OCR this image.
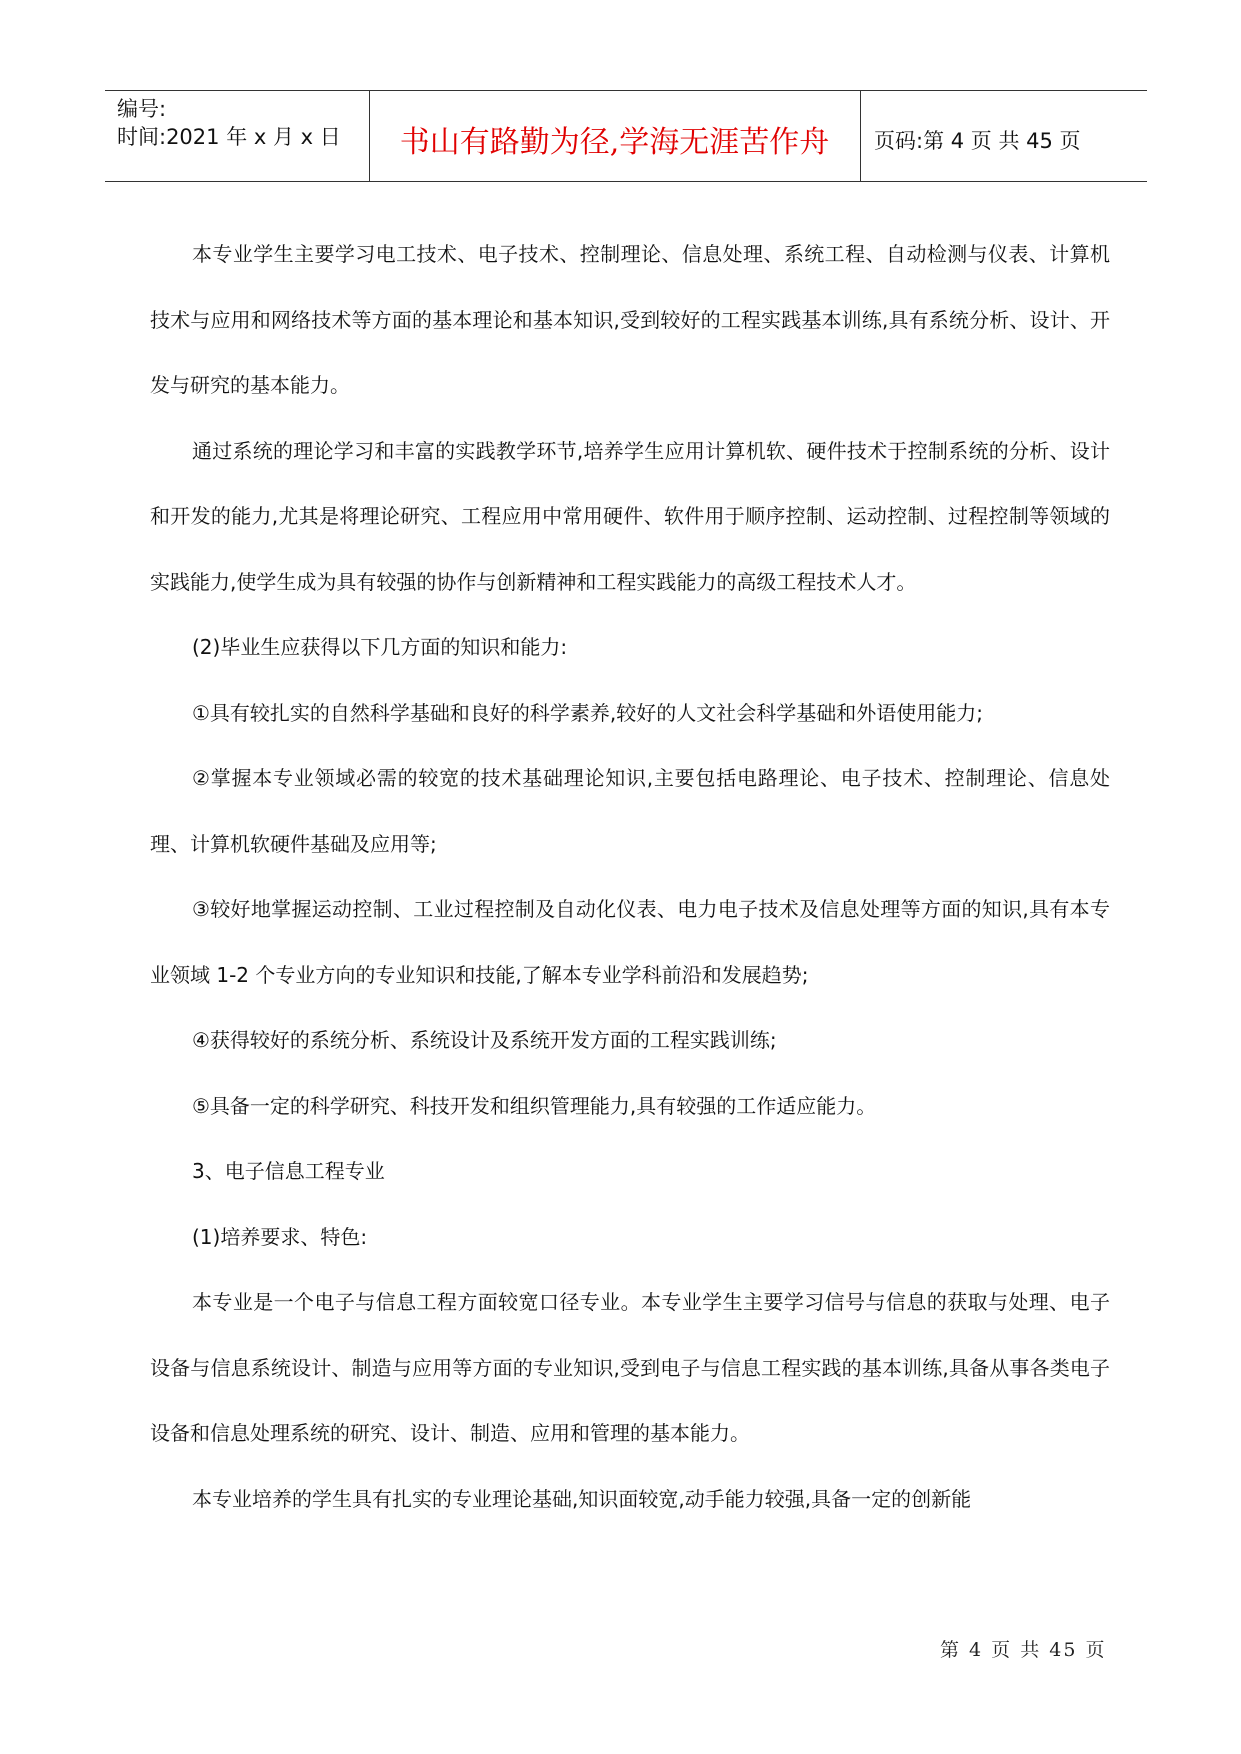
编号:
时间:2021 年 x 月 x 日	书山有路勤为径,学海无涯苦作舟	页码:第 4 页 共 45 页

本专业学生主要学习电工技术、电子技术、控制理论、信息处理、系统工程、自动检测与仪表、计算机技术与应用和网络技术等方面的基本理论和基本知识,受到较好的工程实践基本训练,具有系统分析、设计、开发与研究的基本能力。

通过系统的理论学习和丰富的实践教学环节,培养学生应用计算机软、硬件技术于控制系统的分析、设计和开发的能力,尤其是将理论研究、工程应用中常用硬件、软件用于顺序控制、运动控制、过程控制等领域的实践能力,使学生成为具有较强的协作与创新精神和工程实践能力的高级工程技术人才。

(2)毕业生应获得以下几方面的知识和能力:

①具有较扎实的自然科学基础和良好的科学素养,较好的人文社会科学基础和外语使用能力;

②掌握本专业领域必需的较宽的技术基础理论知识,主要包括电路理论、电子技术、控制理论、信息处理、计算机软硬件基础及应用等;

③较好地掌握运动控制、工业过程控制及自动化仪表、电力电子技术及信息处理等方面的知识,具有本专业领域 1-2 个专业方向的专业知识和技能,了解本专业学科前沿和发展趋势;

④获得较好的系统分析、系统设计及系统开发方面的工程实践训练;

⑤具备一定的科学研究、科技开发和组织管理能力,具有较强的工作适应能力。

3、电子信息工程专业

(1)培养要求、特色:

本专业是一个电子与信息工程方面较宽口径专业。本专业学生主要学习信号与信息的获取与处理、电子设备与信息系统设计、制造与应用等方面的专业知识,受到电子与信息工程实践的基本训练,具备从事各类电子设备和信息处理系统的研究、设计、制造、应用和管理的基本能力。

本专业培养的学生具有扎实的专业理论基础,知识面较宽,动手能力较强,具备一定的创新能

第 4 页 共 45 页
